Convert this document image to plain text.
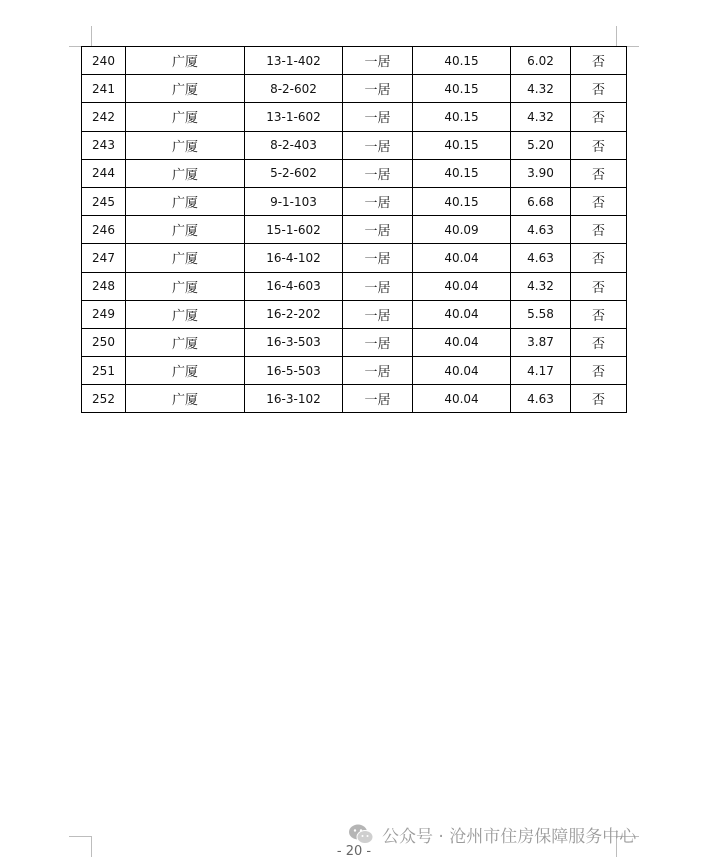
240	广厦	13-1-402	一居	40.15	6.02	否
241	广厦	8-2-602	一居	40.15	4.32	否
242	广厦	13-1-602	一居	40.15	4.32	否
243	广厦	8-2-403	一居	40.15	5.20	否
244	广厦	5-2-602	一居	40.15	3.90	否
245	广厦	9-1-103	一居	40.15	6.68	否
246	广厦	15-1-602	一居	40.09	4.63	否
247	广厦	16-4-102	一居	40.04	4.63	否
248	广厦	16-4-603	一居	40.04	4.32	否
249	广厦	16-2-202	一居	40.04	5.58	否
250	广厦	16-3-503	一居	40.04	3.87	否
251	广厦	16-5-503	一居	40.04	4.17	否
252	广厦	16-3-102	一居	40.04	4.63	否
公众号 · 沧州市住房保障服务中心
- 20 -
